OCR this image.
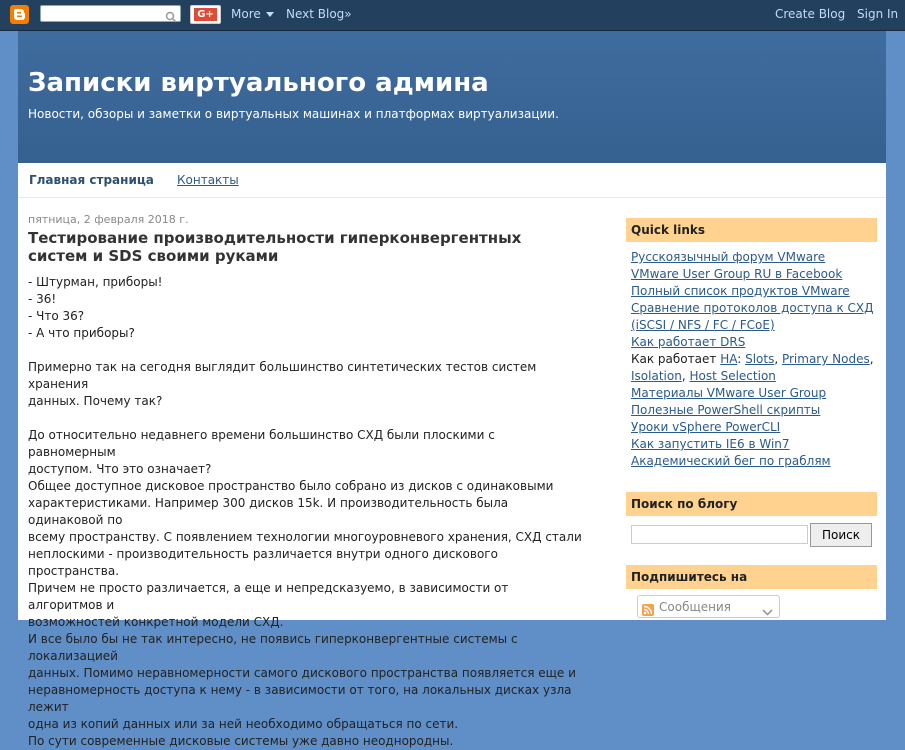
G+ More	Next Blog»	Create Blog Sign In
Записки виртуального админа

Новости, обзоры и заметки о виртуальных машинах и платформах виртуализации.

Главная страница Контакты

пятница, 2 февраля 2018 г.

Тестирование производительности гиперконвергентных систем и SDS своими руками

- Штурман, приборы!

- 36!

- Что 36?

- А что приборы?

Примерно так на сегодня выглядит большинство синтетических тестов систем хранения

данных. Почему так?

До относительно недавнего времени большинство СХД были плоскими с равномерным

доступом. Что это означает?

Общее доступное дисковое пространство было собрано из дисков с одинаковыми

характеристиками. Например 300 дисков 15k. И производительность была одинаковой по

всему пространству. С появлением технологии многоуровневого хранения, СХД стали

неплоскими - производительность различается внутри одного дискового пространства.

Причем не просто различается, а еще и непредсказуемо, в зависимости от алгоритмов и

возможностей конкретной модели СХД.

И все было бы не так интересно, не появись гиперконвергентные системы с локализацией

данных. Помимо неравномерности самого дискового пространства появляется еще и

неравномерность доступа к нему - в зависимости от того, на локальных дисках узла лежит

одна из копий данных или за ней необходимо обращаться по сети.

По сути современные дисковые системы уже давно неоднородны.

Quick links
Русскоязычный форум VMware
VMware User Group RU в Facebook
Полный список продуктов VMware
Сравнение протоколов доступа к СХД
(iSCSI / NFS / FC / FCoE)
Как работает DRS
Как работает HA: Slots, Primary Nodes,
Isolation, Host Selection
Материалы VMware User Group
Полезные PowerShell скрипты
Уроки vSphere PowerCLI
Как запустить IE6 в Win7
Академический бег по граблям
Поиск по блогу
Поиск
Подпишитесь на
Сообщения
